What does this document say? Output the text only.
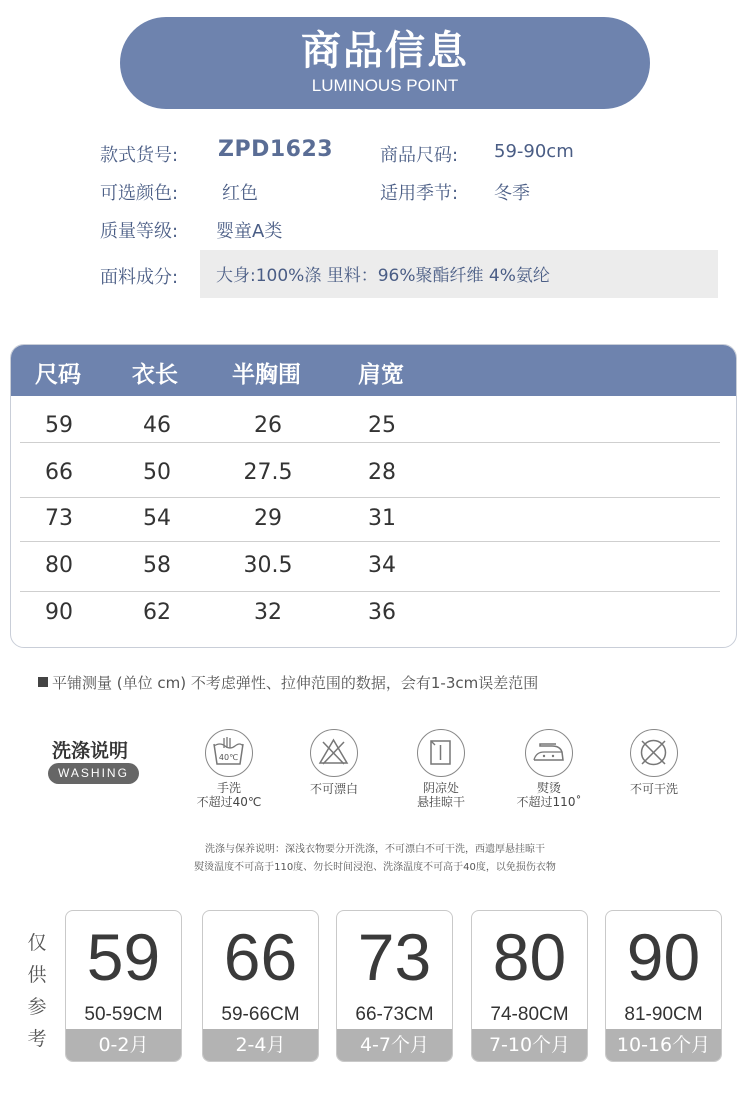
商品信息
LUMINOUS POINT
款式货号: ZPD1623	商品尺码: 59-90cm
可选颜色: 红色	适用季节: 冬季
质量等级: 婴童A类
面料成分: 大身:100%涤 里料：96%聚酯纤维 4%氨纶
尺码 衣长 半胸围 肩宽
59	46	26	25
66	50	27.5	28
73	54	29	31
80	58	30.5	34
90	62	32	36
平铺测量 (单位 cm) 不考虑弹性、拉伸范围的数据，会有1-3cm误差范围
洗涤说明
WASHING
40℃
手洗
不超过40℃
不可漂白	阴凉处
悬挂晾干
熨烫
不超过110˚
不可干洗
洗涤与保养说明：深浅衣物要分开洗涤，不可漂白不可干洗，西遗厚悬挂晾干
熨烫温度不可高于110度、勿长时间浸泡、洗涤温度不可高于40度，以免损伤衣物
仅
供
参
考
59
50-59CM
0-2月
66
59-66CM
2-4月
73
66-73CM
4-7个月
80
74-80CM
7-10个月
90
81-90CM
10-16个月
